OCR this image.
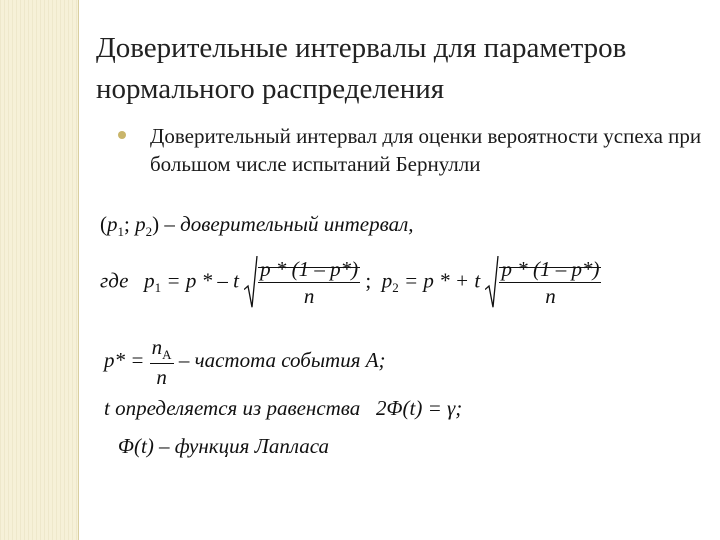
Доверительные интервалы для параметров нормального распределения
Доверительный интервал для оценки вероятности успеха при большом числе испытаний Бернулли
($p_1$; $p_2$) – доверительный интервал,
где $p_1 = p$ * – t $\frac{p * (1 - p*)}{n}$ ; $p_2 = p$ * + t $\frac{p * (1 - p*)}{n}$
$p* = \frac{n_A}{n}$ – частота события A;
t определяется из равенства 2Φ(t) = γ;
Φ(t) – функция Лапласа
